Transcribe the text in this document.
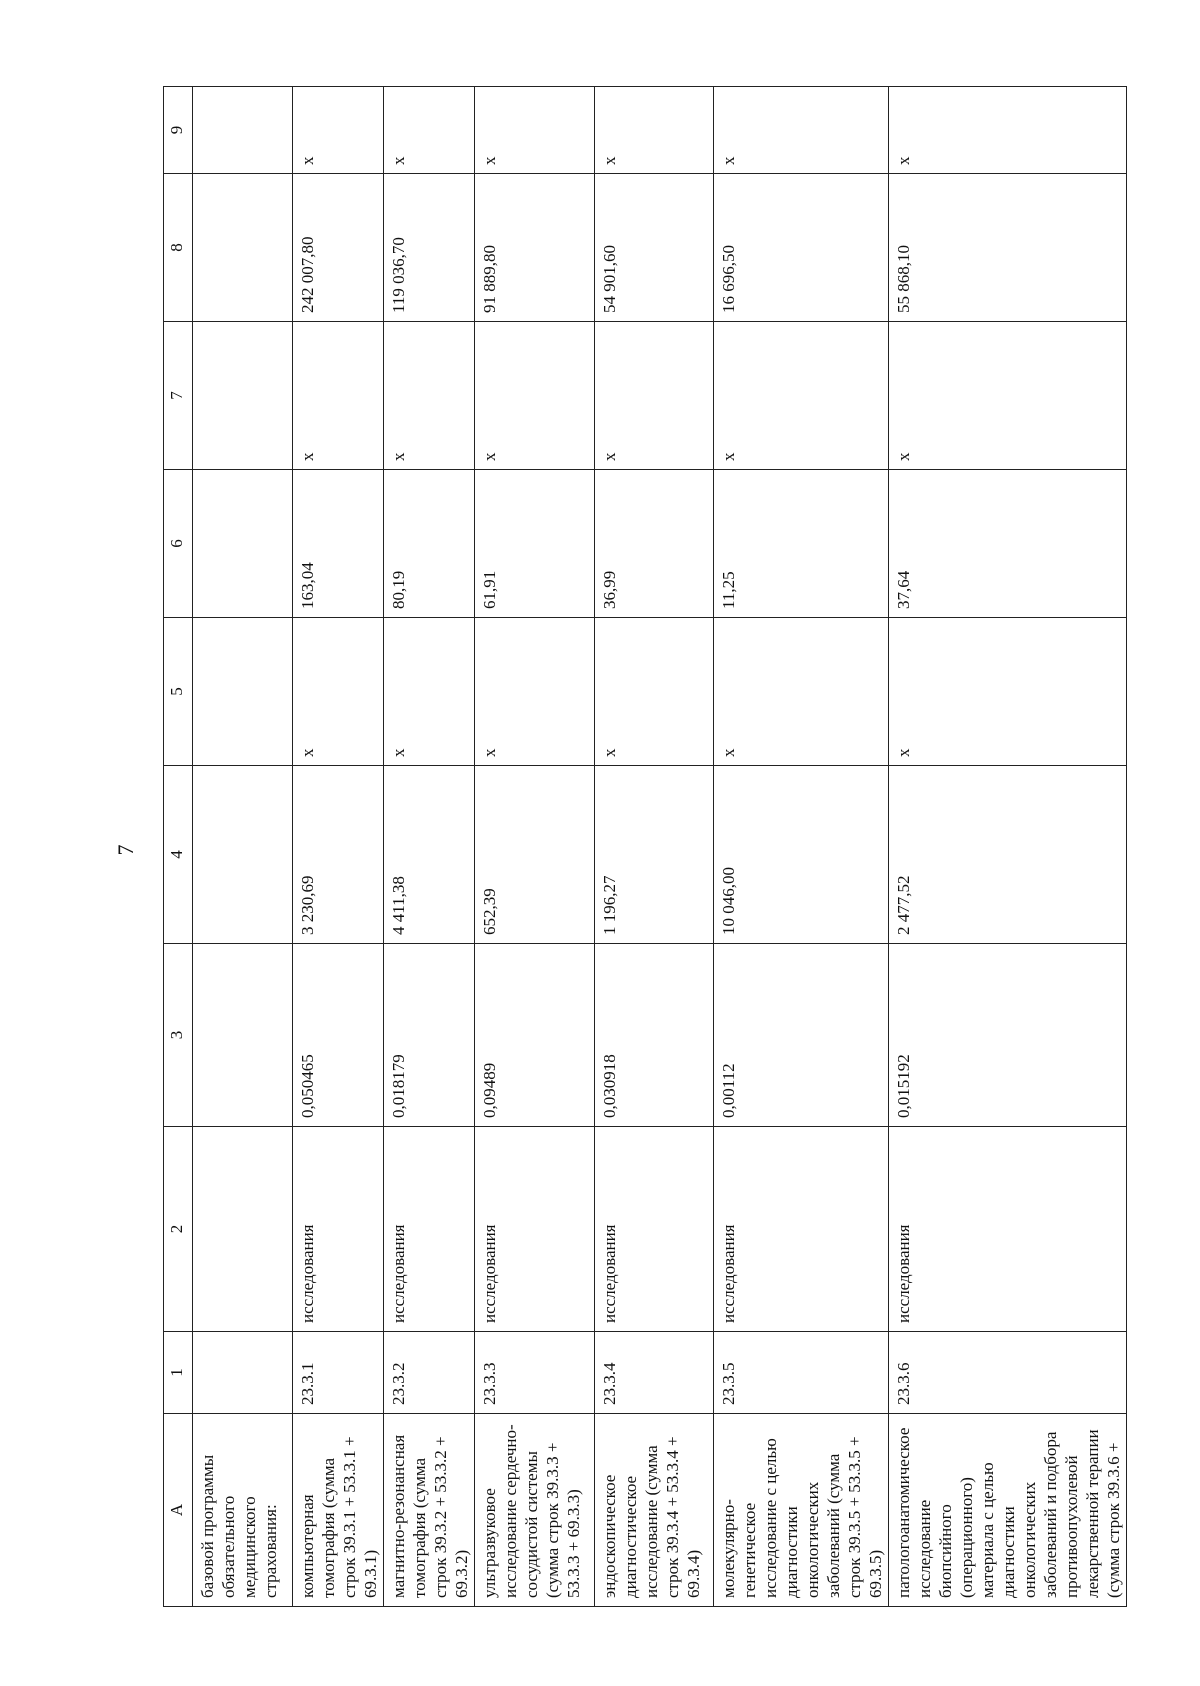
7
А	1	2	3	4	5	6	7	8	9
базовой программы обязательного медицинского страхования:									
компьютерная томография (сумма строк 39.3.1 + 53.3.1 + 69.3.1)	23.3.1	исследования	0,050465	3 230,69	х	163,04	х	242 007,80	х
магнитно-резонансная томография (сумма строк 39.3.2 + 53.3.2 + 69.3.2)	23.3.2	исследования	0,018179	4 411,38	х	80,19	х	119 036,70	х
ультразвуковое исследование сердечно-сосудистой системы (сумма строк 39.3.3 + 53.3.3 + 69.3.3)	23.3.3	исследования	0,09489	652,39	х	61,91	х	91 889,80	х
эндоскопическое диагностическое исследование (сумма строк 39.3.4 + 53.3.4 + 69.3.4)	23.3.4	исследования	0,030918	1 196,27	х	36,99	х	54 901,60	х
молекулярно-генетическое исследование с целью диагностики онкологических заболеваний (сумма строк 39.3.5 + 53.3.5 + 69.3.5)	23.3.5	исследования	0,00112	10 046,00	х	11,25	х	16 696,50	х
патологоанатомическое исследование биопсийного (операционного) материала с целью диагностики онкологических заболеваний и подбора противоопухолевой лекарственной терапии (сумма строк 39.3.6 +	23.3.6	исследования	0,015192	2 477,52	х	37,64	х	55 868,10	х
